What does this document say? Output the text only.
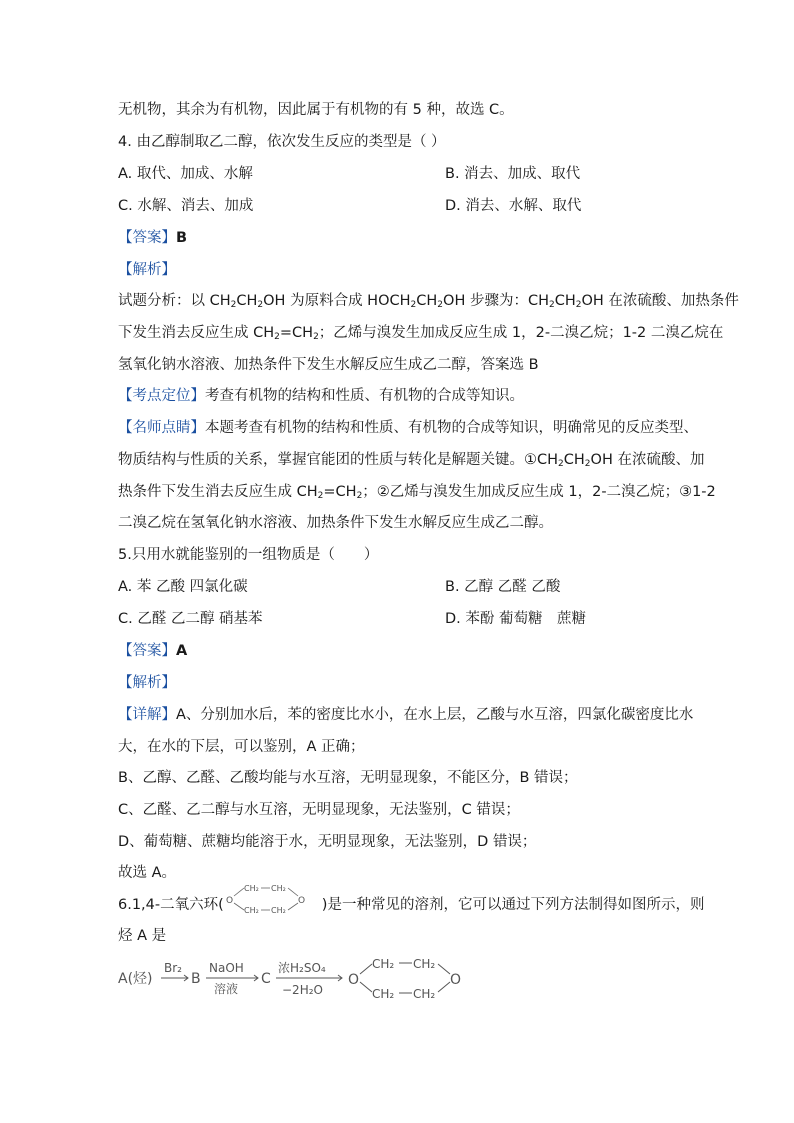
无机物，其余为有机物，因此属于有机物的有 5 种，故选 C。
4. 由乙醇制取乙二醇，依次发生反应的类型是（ ）
A. 取代、加成、水解	B. 消去、加成、取代
C. 水解、消去、加成	D. 消去、水解、取代
【答案】B
【解析】
试题分析：以 $CH_2CH_2OH$ 为原料合成 $HOCH_2CH_2OH$ 步骤为：$CH_2CH_2OH$ 在浓硫酸、加热条件
下发生消去反应生成 $CH_2=CH_2$；乙烯与溴发生加成反应生成 1，2-二溴乙烷；1-2 二溴乙烷在
氢氧化钠水溶液、加热条件下发生水解反应生成乙二醇，答案选 B
【考点定位】考查有机物的结构和性质、有机物的合成等知识。
【名师点睛】本题考查有机物的结构和性质、有机物的合成等知识，明确常见的反应类型、
物质结构与性质的关系，掌握官能团的性质与转化是解题关键。$①CH_2CH_2OH$ 在浓硫酸、加
热条件下发生消去反应生成 $CH_2=CH_2$；②乙烯与溴发生加成反应生成 1，2-二溴乙烷；③1-2
二溴乙烷在氢氧化钠水溶液、加热条件下发生水解反应生成乙二醇。
5.只用水就能鉴别的一组物质是（　　）
A. 苯 乙酸 四氯化碳	B. 乙醇 乙醛 乙酸
C. 乙醛 乙二醇 硝基苯	D. 苯酚 葡萄糖　蔗糖
【答案】A
【解析】
【详解】A、分别加水后，苯的密度比水小，在水上层，乙酸与水互溶，四氯化碳密度比水
大，在水的下层，可以鉴别，A 正确；
B、乙醇、乙醛、乙酸均能与水互溶，无明显现象，不能区分，B 错误；
C、乙醛、乙二醇与水互溶，无明显现象，无法鉴别，C 错误；
D、葡萄糖、蔗糖均能溶于水，无明显现象，无法鉴别，D 错误；
故选 A。
6.1,4-二氧六环(	)是一种常见的溶剂，它可以通过下列方法制得如图所示，则
O
CH₂ CH₂
CH₂ CH₂
O
烃 A 是
A(烃)
Br₂
B
NaOH
溶液
C
浓H₂SO₄
−2H₂O
O
CH₂ CH₂
CH₂ CH₂
O
